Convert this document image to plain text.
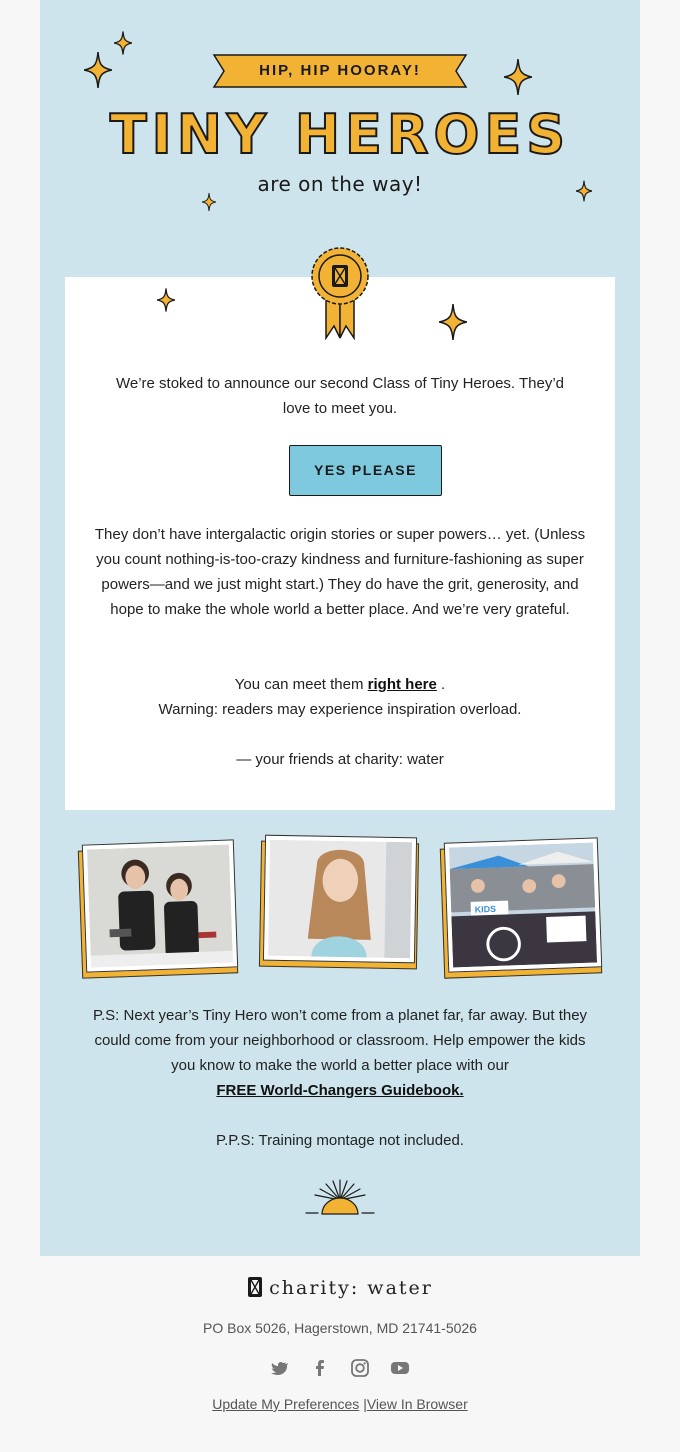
HIP, HIP HOORAY!
TINY HEROES
are on the way!
We’re stoked to announce our second Class of Tiny Heroes. They’d love to meet you.
YES PLEASE
They don’t have intergalactic origin stories or super powers… yet. (Unless you count nothing-is-too-crazy kindness and furniture-fashioning as super powers—and we just might start.) They do have the grit, generosity, and hope to make the whole world a better place. And we’re very grateful.
You can meet them right here .
Warning: readers may experience inspiration overload.
— your friends at charity: water
KIDS
P.S: Next year’s Tiny Hero won’t come from a planet far, far away. But they could come from your neighborhood or classroom. Help empower the kids you know to make the world a better place with our
FREE World-Changers Guidebook.
P.P.S: Training montage not included.
charity: water
PO Box 5026, Hagerstown, MD 21741-5026
Update My Preferences |View In Browser
